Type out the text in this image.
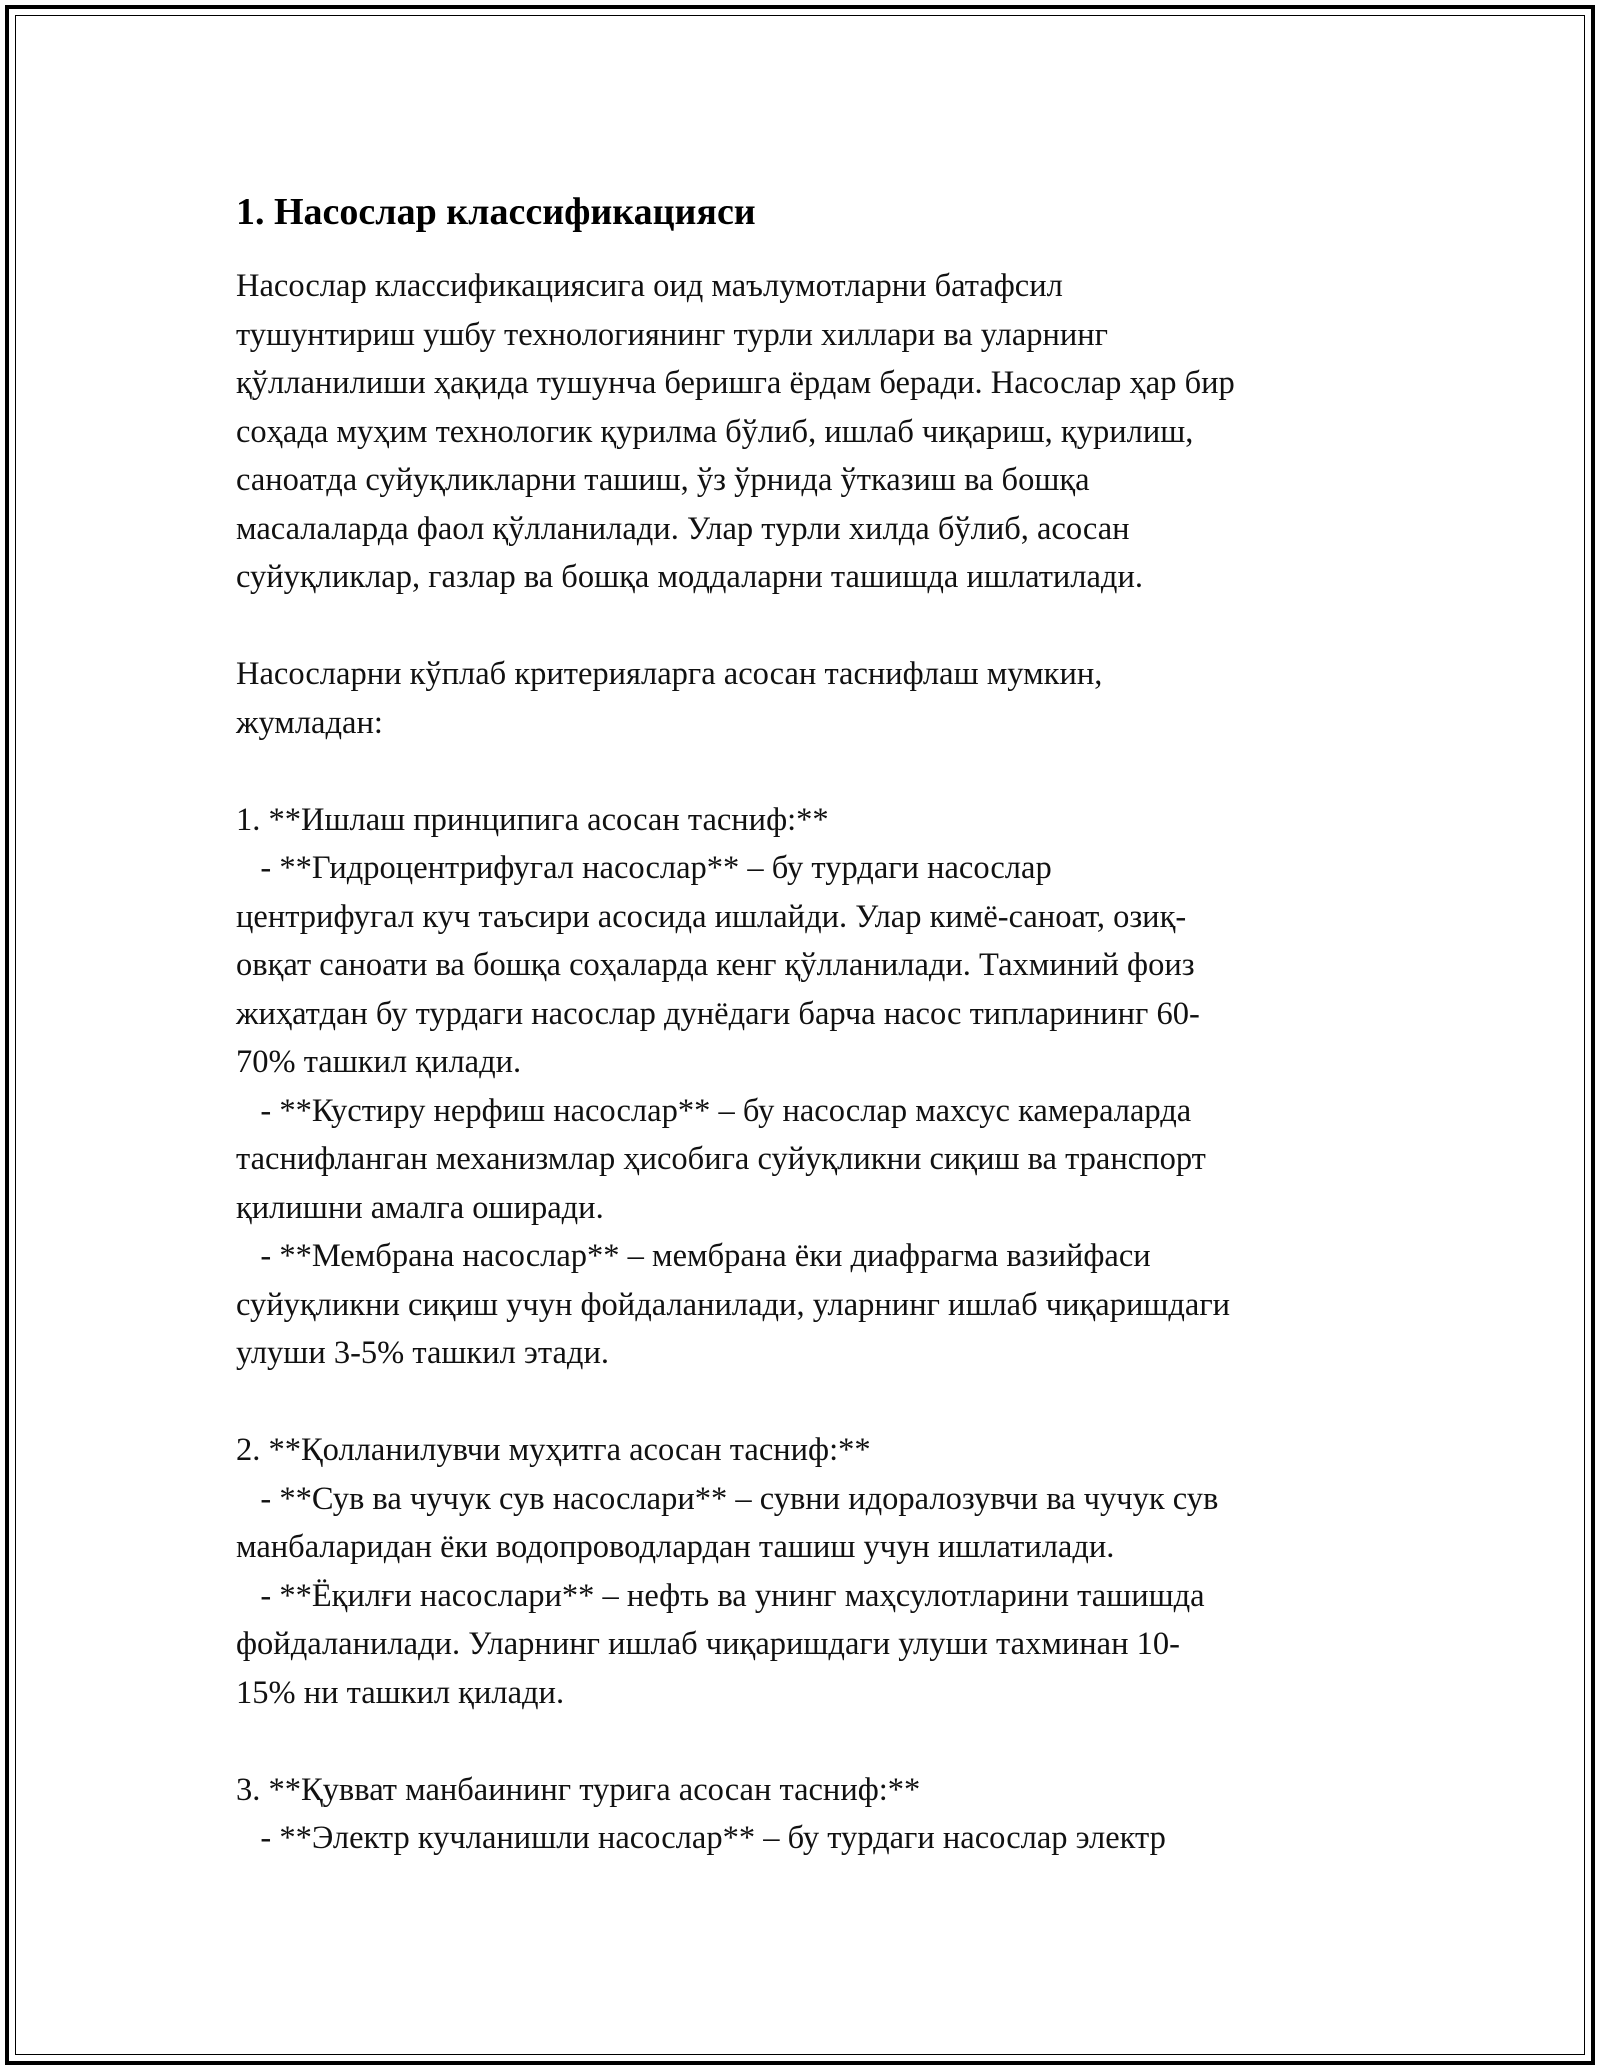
1. Насослар классификацияси
Насослар классификациясига оид маълумотларни батафсил
тушунтириш ушбу технологиянинг турли хиллари ва уларнинг
қўлланилиши ҳақида тушунча беришга ёрдам беради. Насослар ҳар бир
соҳада муҳим технологик қурилма бўлиб, ишлаб чиқариш, қурилиш,
саноатда суйуқликларни ташиш, ўз ўрнида ўтказиш ва бошқа
масалаларда фаол қўлланилади. Улар турли хилда бўлиб, асосан
суйуқликлар, газлар ва бошқа моддаларни ташишда ишлатилади.
Насосларни кўплаб критерияларга асосан таснифлаш мумкин,
жумладан:
1. **Ишлаш принципига асосан тасниф:**
- **Гидроцентрифугал насослар** – бу турдаги насослар
центрифугал куч таъсири асосида ишлайди. Улар кимё-саноат, озиқ-
овқат саноати ва бошқа соҳаларда кенг қўлланилади. Тахминий фоиз
жиҳатдан бу турдаги насослар дунёдаги барча насос типларининг 60-
70% ташкил қилади.
- **Кустиру нерфиш насослар** – бу насослар махсус камераларда
таснифланган механизмлар ҳисобига суйуқликни сиқиш ва транспорт
қилишни амалга оширади.
- **Мембрана насослар** – мембрана ёки диафрагма вазийфаси
суйуқликни сиқиш учун фойдаланилади, уларнинг ишлаб чиқаришдаги
улуши 3-5% ташкил этади.
2. **Қолланилувчи муҳитга асосан тасниф:**
- **Сув ва чучук сув насослари** – сувни идоралозувчи ва чучук сув
манбаларидан ёки водопроводлардан ташиш учун ишлатилади.
- **Ёқилғи насослари** – нефть ва унинг маҳсулотларини ташишда
фойдаланилади. Уларнинг ишлаб чиқаришдаги улуши тахминан 10-
15% ни ташкил қилади.
3. **Қувват манбаининг турига асосан тасниф:**
- **Электр кучланишли насослар** – бу турдаги насослар электр
